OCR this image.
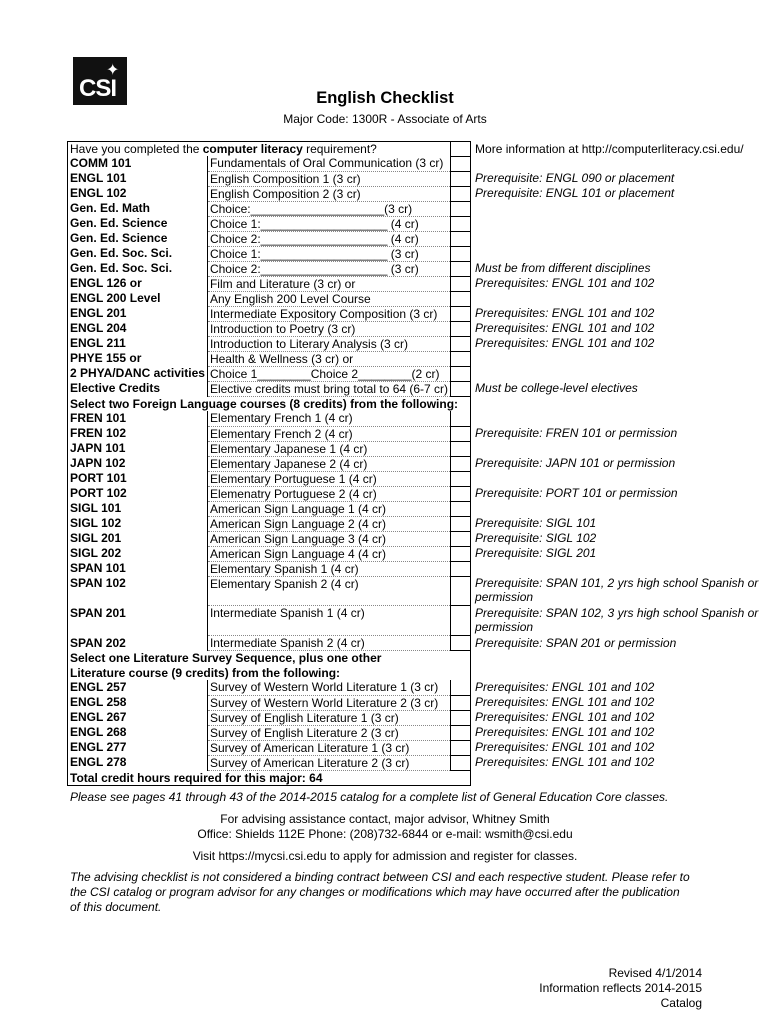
✦
CSI	English Checklist
Major Code: 1300R - Associate of Arts
Have you completed the computer literacy requirement?			More information at http://computerliteracy.csi.edu/
COMM 101	Fundamentals of Oral Communication (3 cr)		

ENGL 101	English Composition 1 (3 cr)		Prerequisite: ENGL 090 or placement

ENGL 102	English Composition 2 (3 cr)		Prerequisite: ENGL 101 or placement

Gen. Ed. Math	Choice:____________________(3 cr)		

Gen. Ed. Science	Choice 1:___________________ (4 cr)		

Gen. Ed. Science	Choice 2:___________________ (4 cr)		

Gen. Ed. Soc. Sci.	Choice 1:___________________ (3 cr)		

Gen. Ed. Soc. Sci.	Choice 2:___________________ (3 cr)		Must be from different disciplines

ENGL 126 or	Film and Literature (3 cr) or		Prerequisites: ENGL 101 and 102

ENGL 200 Level	Any English 200 Level Course		

ENGL 201	Intermediate Expository Composition (3 cr)		Prerequisites: ENGL 101 and 102

ENGL 204	Introduction to Poetry (3 cr)		Prerequisites: ENGL 101 and 102

ENGL 211	Introduction to Literary Analysis (3 cr)		Prerequisites: ENGL 101 and 102

PHYE 155 or	Health & Wellness (3 cr) or		

2 PHYA/DANC activities	Choice 1________Choice 2________(2 cr)		

Elective Credits	Elective credits must bring total to 64 (6-7 cr)		Must be college-level electives

Select two Foreign Language courses (8 credits) from the following:			
FREN 101	Elementary French 1 (4 cr)		

FREN 102	Elementary French 2 (4 cr)		Prerequisite: FREN 101 or permission

JAPN 101	Elementary Japanese 1 (4 cr)		

JAPN 102	Elementary Japanese 2 (4 cr)		Prerequisite: JAPN 101 or permission

PORT 101	Elementary Portuguese 1 (4 cr)		

PORT 102	Elemenatry Portuguese 2 (4 cr)		Prerequisite: PORT 101 or permission

SIGL 101	American Sign Language 1 (4 cr)		

SIGL 102	American Sign Language 2 (4 cr)		Prerequisite: SIGL 101

SIGL 201	American Sign Language 3 (4 cr)		Prerequisite: SIGL 102

SIGL 202	American Sign Language 4 (4 cr)		Prerequisite: SIGL 201

SPAN 101	Elementary Spanish 1 (4 cr)		

SPAN 102	Elementary Spanish 2 (4 cr)		Prerequisite: SPAN 101, 2 yrs high school Spanish or
permission

SPAN 201	Intermediate Spanish 1 (4 cr)		Prerequisite: SPAN 102, 3 yrs high school Spanish or
permission

SPAN 202	Intermediate Spanish 2 (4 cr)		Prerequisite: SPAN 201 or permission

Select one Literature Survey Sequence, plus one other			
Literature course (9 credits) from the following:			
ENGL 257	Survey of Western World Literature 1 (3 cr)		Prerequisites: ENGL 101 and 102

ENGL 258	Survey of Western World Literature 2 (3 cr)		Prerequisites: ENGL 101 and 102

ENGL 267	Survey of English Literature 1 (3 cr)		Prerequisites: ENGL 101 and 102

ENGL 268	Survey of English Literature 2 (3 cr)		Prerequisites: ENGL 101 and 102

ENGL 277	Survey of American Literature 1 (3 cr)		Prerequisites: ENGL 101 and 102

ENGL 278	Survey of American Literature 2 (3 cr)		Prerequisites: ENGL 101 and 102

Total credit hours required for this major: 64			
Please see pages 41 through 43 of the 2014-2015 catalog for a complete list of General Education Core classes.
For advising assistance contact, major advisor, Whitney Smith
Office: Shields 112E Phone: (208)732-6844 or e-mail: wsmith@csi.edu
Visit https://mycsi.csi.edu to apply for admission and register for classes.
The advising checklist is not considered a binding contract between CSI and each respective student. Please refer to the CSI catalog or program advisor for any changes or modifications which may have occurred after the publication of this document.
Revised 4/1/2014
Information reflects 2014-2015
Catalog
